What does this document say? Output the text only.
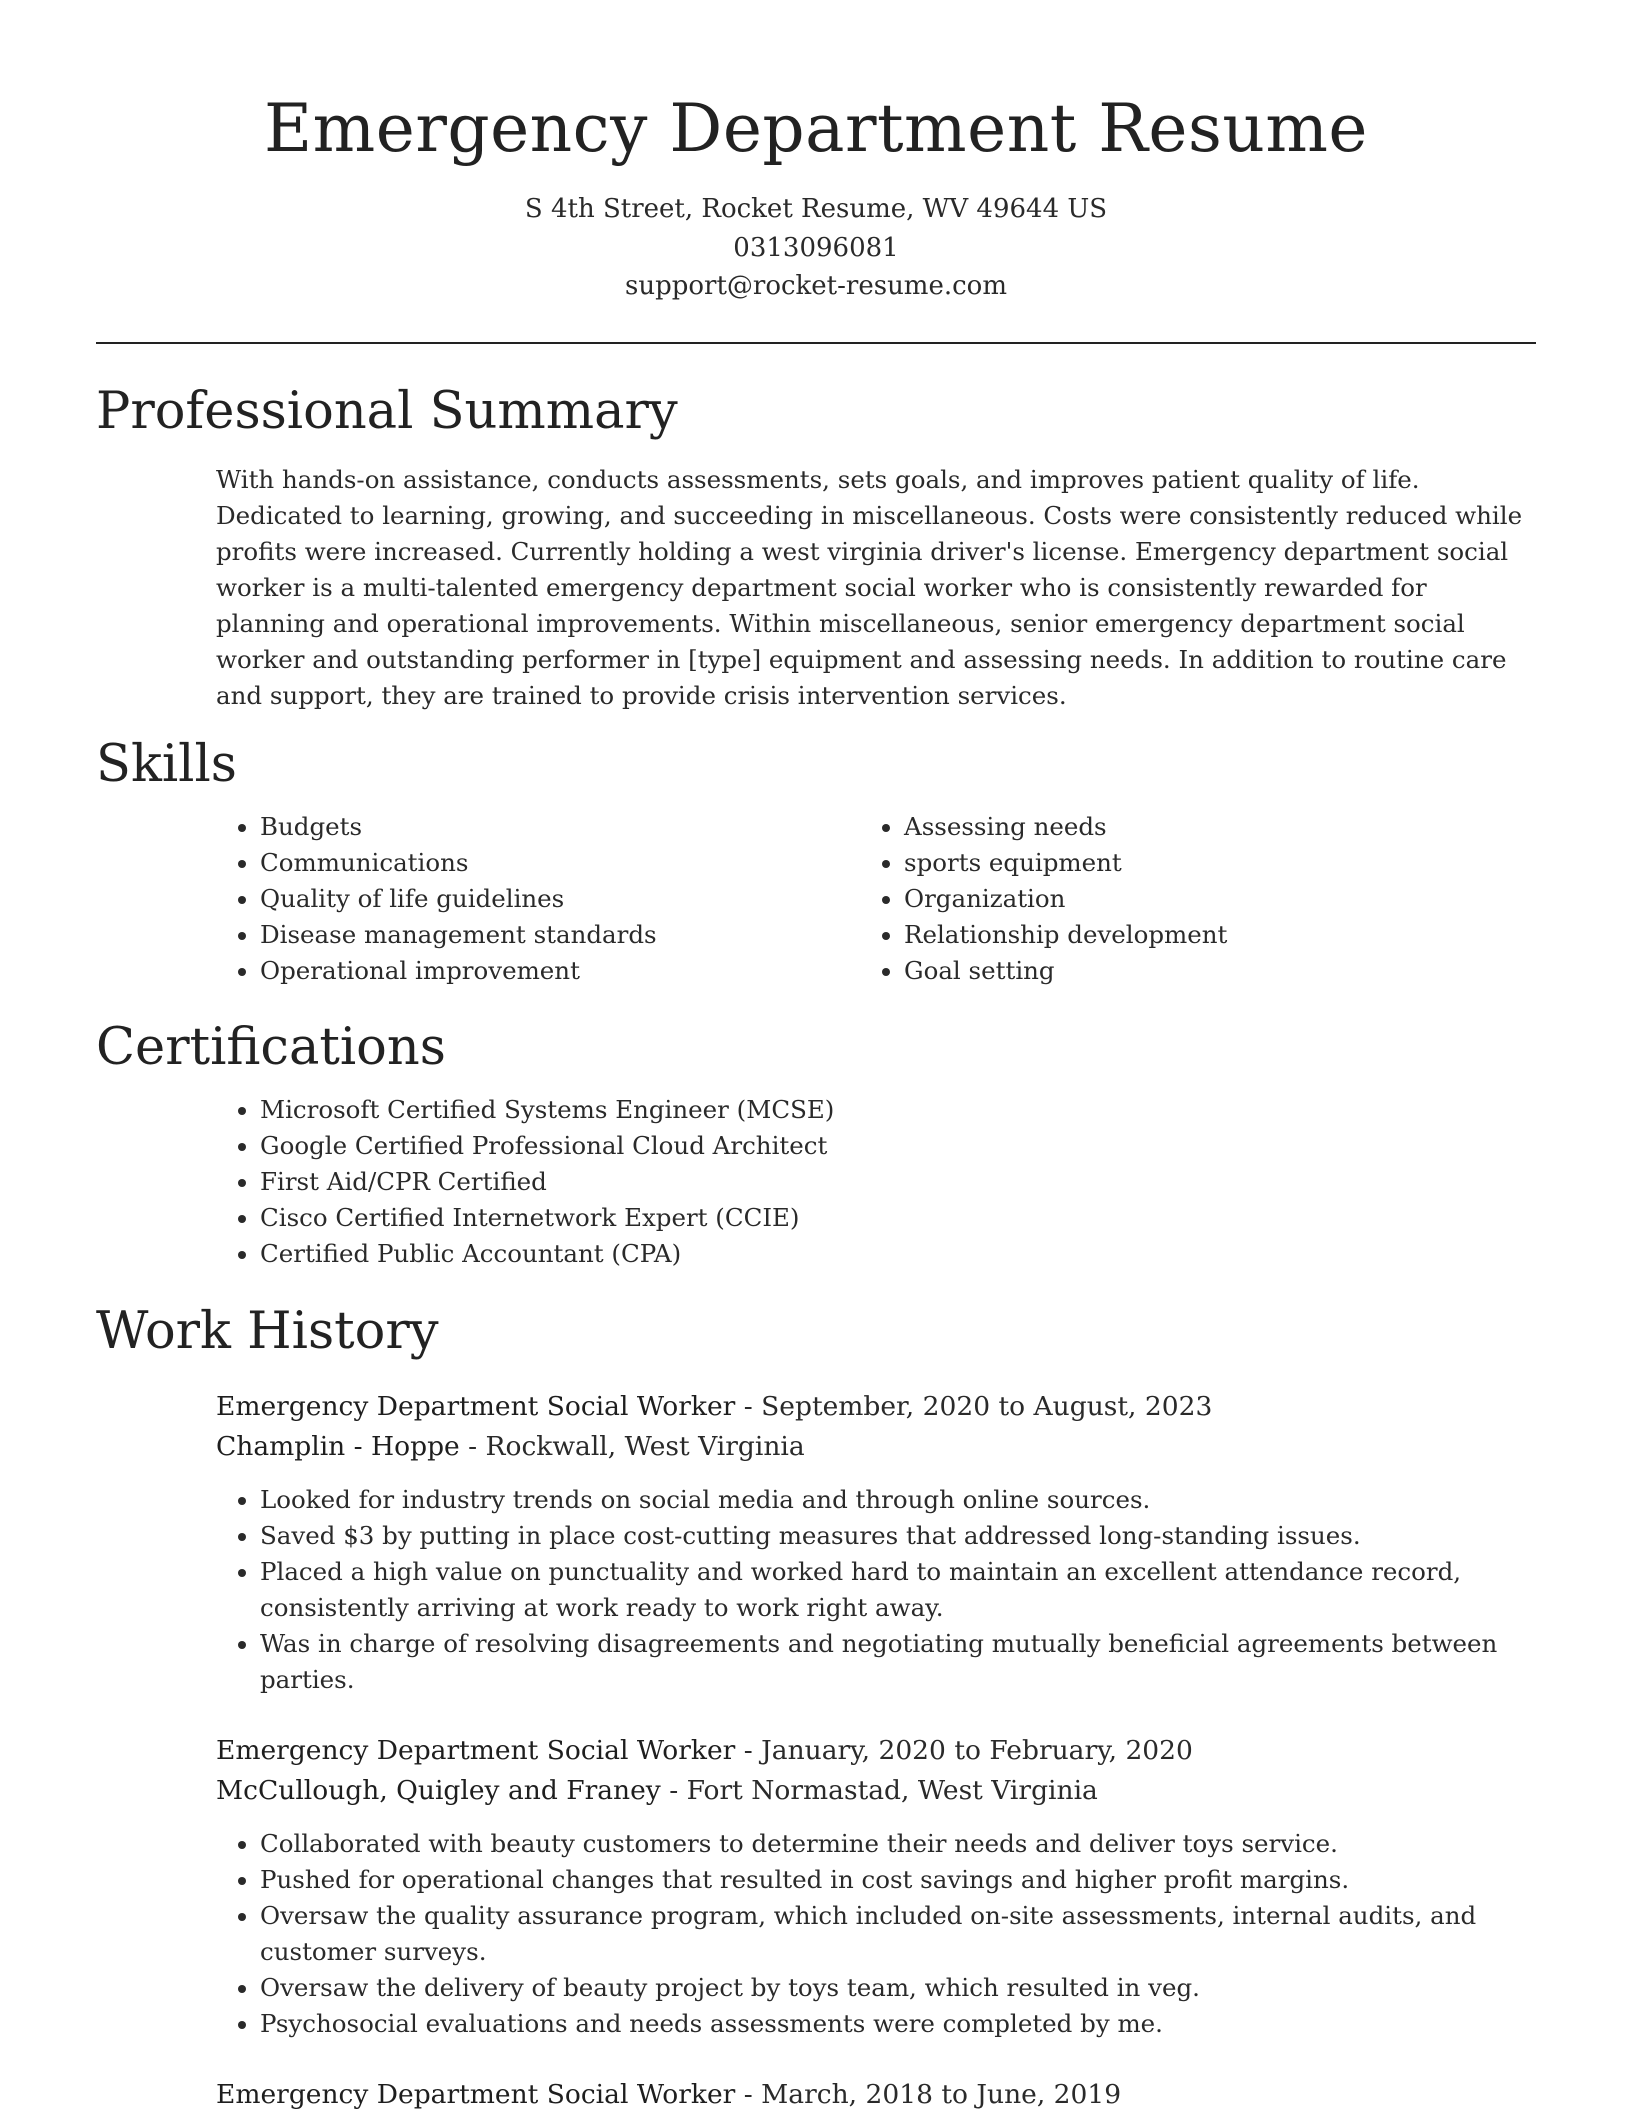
Emergency Department Resume
S 4th Street, Rocket Resume, WV 49644 US
0313096081
support@rocket-resume.com
Professional Summary
With hands-on assistance, conducts assessments, sets goals, and improves patient quality of life. Dedicated to learning, growing, and succeeding in miscellaneous. Costs were consistently reduced while profits were increased. Currently holding a west virginia driver's license. Emergency department social worker is a multi-talented emergency department social worker who is consistently rewarded for planning and operational improvements. Within miscellaneous, senior emergency department social worker and outstanding performer in [type] equipment and assessing needs. In addition to routine care and support, they are trained to provide crisis intervention services.
Skills
• Budgets
• Communications
• Quality of life guidelines
• Disease management standards
• Operational improvement
• Assessing needs
• sports equipment
• Organization
• Relationship development
• Goal setting
Certifications
• Microsoft Certified Systems Engineer (MCSE)
• Google Certified Professional Cloud Architect
• First Aid/CPR Certified
• Cisco Certified Internetwork Expert (CCIE)
• Certified Public Accountant (CPA)
Work History
Emergency Department Social Worker - September, 2020 to August, 2023
Champlin - Hoppe - Rockwall, West Virginia
• Looked for industry trends on social media and through online sources.
• Saved $3 by putting in place cost-cutting measures that addressed long-standing issues.
• Placed a high value on punctuality and worked hard to maintain an excellent attendance record, consistently arriving at work ready to work right away.
• Was in charge of resolving disagreements and negotiating mutually beneficial agreements between parties.
Emergency Department Social Worker - January, 2020 to February, 2020
McCullough, Quigley and Franey - Fort Normastad, West Virginia
• Collaborated with beauty customers to determine their needs and deliver toys service.
• Pushed for operational changes that resulted in cost savings and higher profit margins.
• Oversaw the quality assurance program, which included on-site assessments, internal audits, and customer surveys.
• Oversaw the delivery of beauty project by toys team, which resulted in veg.
• Psychosocial evaluations and needs assessments were completed by me.
Emergency Department Social Worker - March, 2018 to June, 2019
